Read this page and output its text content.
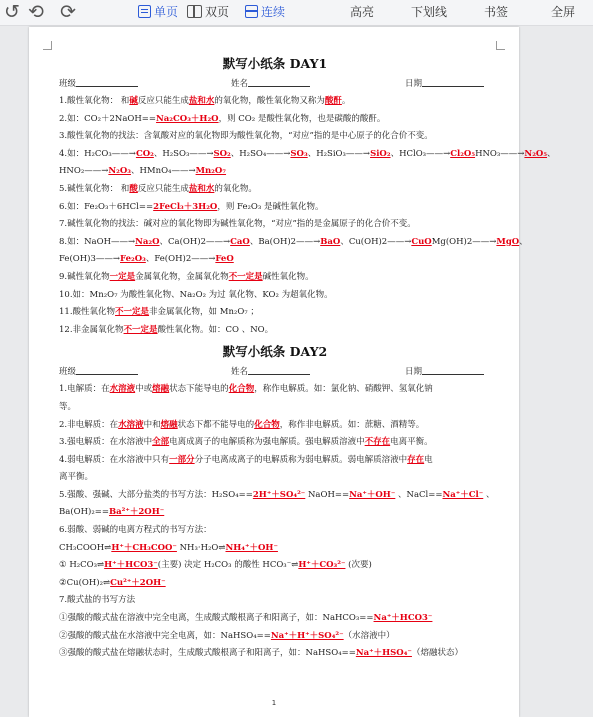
↺ ⟲ ⟳	单页	双页	连续	高亮	下划线	书签	全屏
默写小纸条 DAY1
班级	姓名	日期
1.酸性氧化物： 和碱反应只能生成盐和水的氧化物，酸性氧化物又称为酸酐。
2.如：CO₂＋2NaOH==Na₂CO₃＋H₂O，则 CO₂ 是酸性氧化物，也是碳酸的酸酐。
3.酸性氧化物的找法：含氧酸对应的氧化物即为酸性氧化物，“对应”指的是中心原子的化合价不变。
4.如：H₂CO₃——→CO₂、H₂SO₃——→SO₂、H₂SO₄——→SO₃、H₂SiO₃——→SiO₂、HClO₃——→Cl₂O₅HNO₃——→N₂O₅、
HNO₂——→N₂O₃、HMnO₄——→Mn₂O₇
5.碱性氧化物： 和酸反应只能生成盐和水的氧化物。
6.如：Fe₂O₃＋6HCl==2FeCl₃＋3H₂O，则 Fe₂O₃ 是碱性氧化物。
7.碱性氧化物的找法：碱对应的氧化物即为碱性氧化物，“对应”指的是金属原子的化合价不变。
8.如：NaOH——→Na₂O、Ca(OH)2——→CaO、Ba(OH)2——→BaO、Cu(OH)2——→CuOMg(OH)2——→MgO、
Fe(OH)3——→Fe₂O₃、Fe(OH)2——→FeO
9.碱性氧化物一定是金属氧化物，金属氧化物不一定是碱性氧化物。
10.如：Mn₂O₇ 为酸性氧化物、Na₂O₂ 为过 氧化物、KO₂ 为超氧化物。
11.酸性氧化物不一定是非金属氧化物，如 Mn₂O₇ ；
12.非金属氧化物不一定是酸性氧化物。如：CO 、NO。
默写小纸条 DAY2
班级	姓名	日期
1.电解质：在水溶液中或熔融状态下能导电的化合物，称作电解质。如：氯化钠、硝酸钾、氢氧化钠
等。
2.非电解质：在水溶液中和熔融状态下都不能导电的化合物，称作非电解质。如：蔗糖、酒精等。
3.强电解质：在水溶液中全部电离成离子的电解质称为强电解质。强电解质溶液中不存在电离平衡。
4.弱电解质：在水溶液中只有一部分分子电离成离子的电解质称为弱电解质。弱电解质溶液中存在电
离平衡。
5.强酸、强碱、大部分盐类的书写方法：H₂SO₄==2H⁺＋SO₄²⁻ NaOH==Na⁺＋OH⁻ 、NaCl==Na⁺＋Cl⁻ 、
Ba(OH)₂==Ba²⁺＋2OH⁻
6.弱酸、弱碱的电离方程式的书写方法：
CH₃COOH⇌H⁺＋CH₃COO⁻ NH₃·H₂O⇌NH₄⁺＋OH⁻
① H₂CO₃⇌H⁺＋HCO3⁻(主要) 决定 H₂CO₃ 的酸性 HCO₃⁻⇌H⁺＋CO₃²⁻ (次要)
②Cu(OH)₂⇌Cu²⁺＋2OH⁻
7.酸式盐的书写方法
①强酸的酸式盐在溶液中完全电离，生成酸式酸根离子和阳离子，如：NaHCO₃==Na⁺＋HCO3⁻
②强酸的酸式盐在水溶液中完全电离，如：NaHSO₄==Na⁺＋H⁺＋SO₄²⁻（水溶液中）
③强酸的酸式盐在熔融状态时，生成酸式酸根离子和阳离子，如：NaHSO₄==Na⁺＋HSO₄⁻（熔融状态）
1
